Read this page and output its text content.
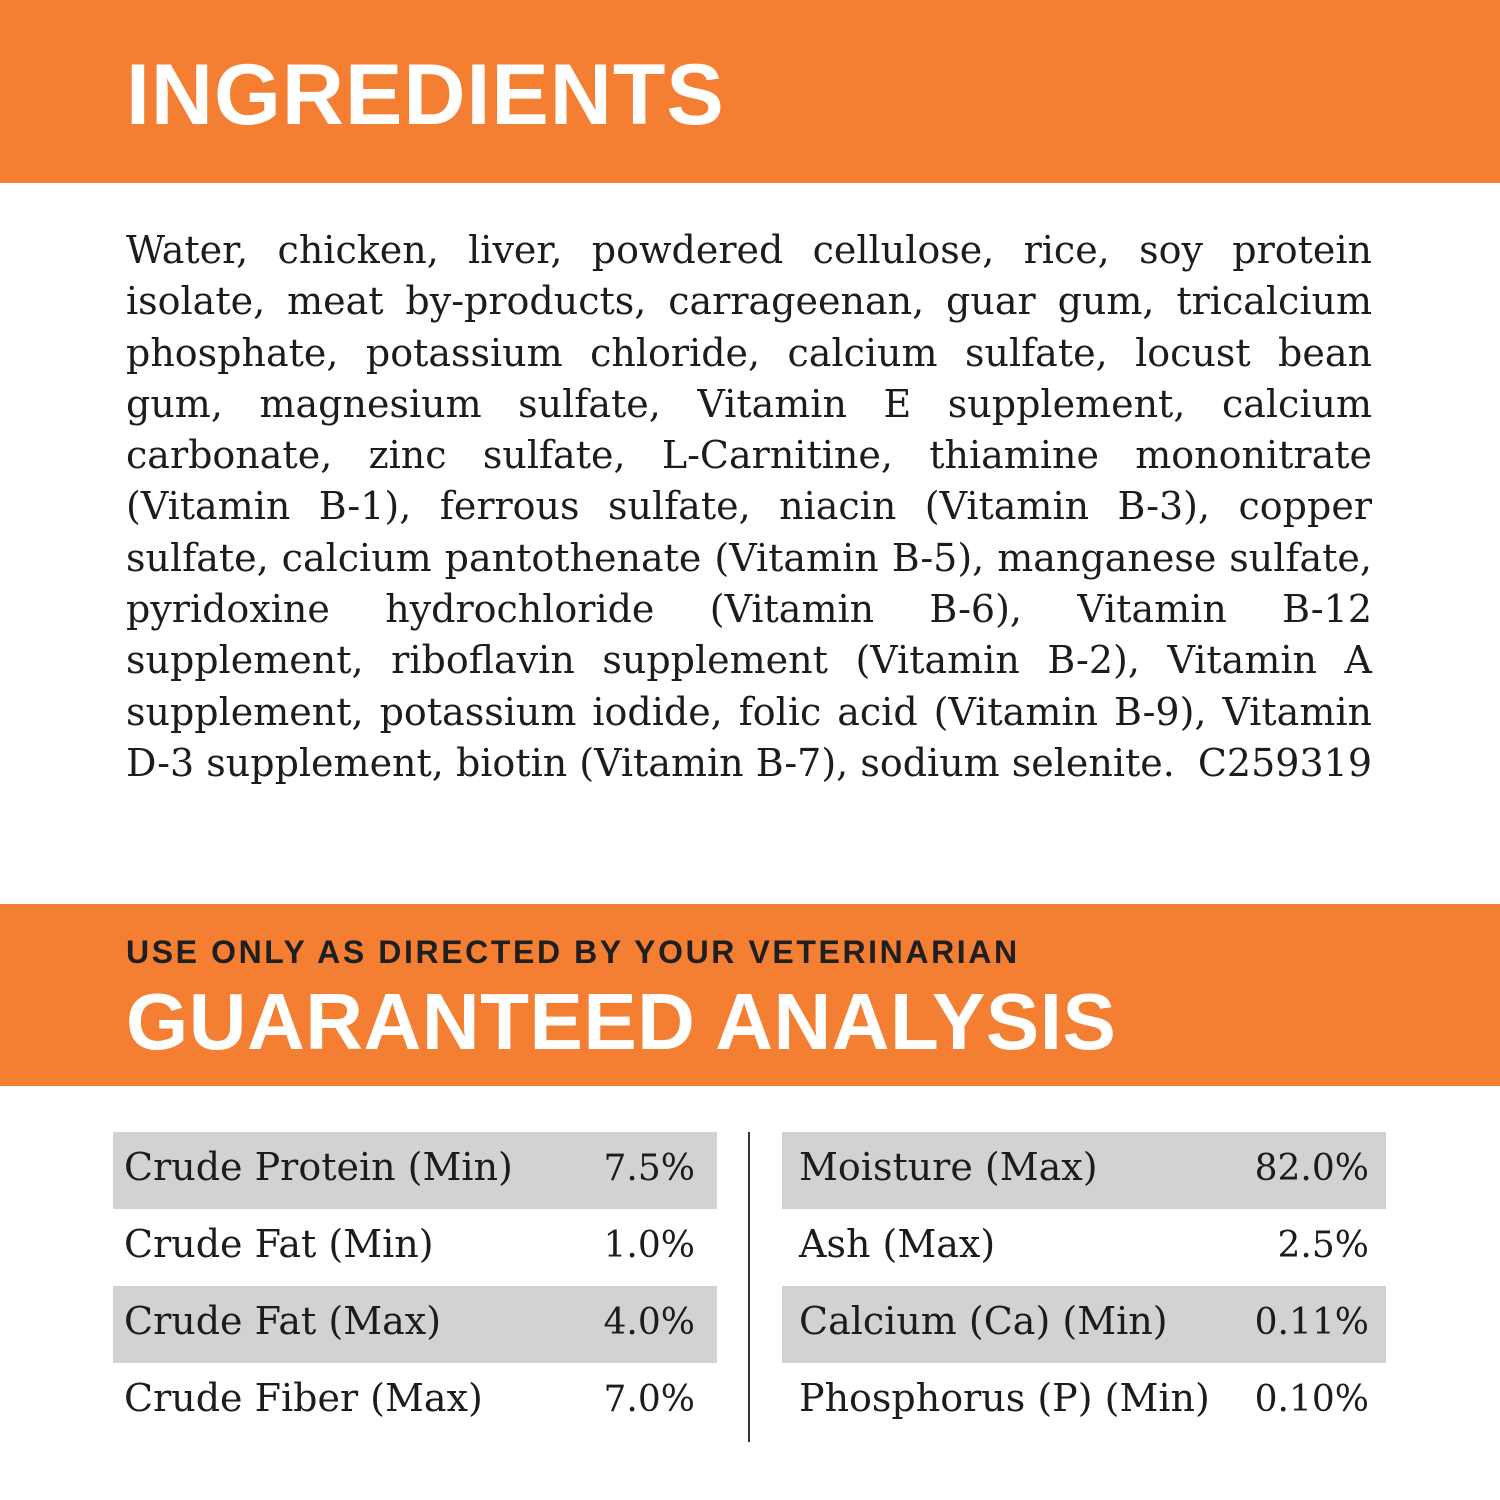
INGREDIENTS

Water, chicken, liver, powdered cellulose, rice, soy protein isolate, meat by-products, carrageenan, guar gum, tricalcium phosphate, potassium chloride, calcium sulfate, locust bean gum, magnesium sulfate, Vitamin E supplement, calcium carbonate, zinc sulfate, L-Carnitine, thiamine mononitrate (Vitamin B-1), ferrous sulfate, niacin (Vitamin B-3), copper sulfate, calcium pantothenate (Vitamin B-5), manganese sulfate, pyridoxine hydrochloride (Vitamin B-6), Vitamin B-12 supplement, riboflavin supplement (Vitamin B-2), Vitamin A supplement, potassium iodide, folic acid (Vitamin B-9), Vitamin D-3 supplement, biotin (Vitamin B-7), sodium selenite. C259319

USE ONLY AS DIRECTED BY YOUR VETERINARIAN
GUARANTEED ANALYSIS
Crude Protein (Min)	7.5%
Crude Fat (Min)	1.0%
Crude Fat (Max)	4.0%
Crude Fiber (Max)	7.0%
Moisture (Max)	82.0%
Ash (Max)	2.5%
Calcium (Ca) (Min) 0.11%
Phosphorus (P) (Min) 0.10%
